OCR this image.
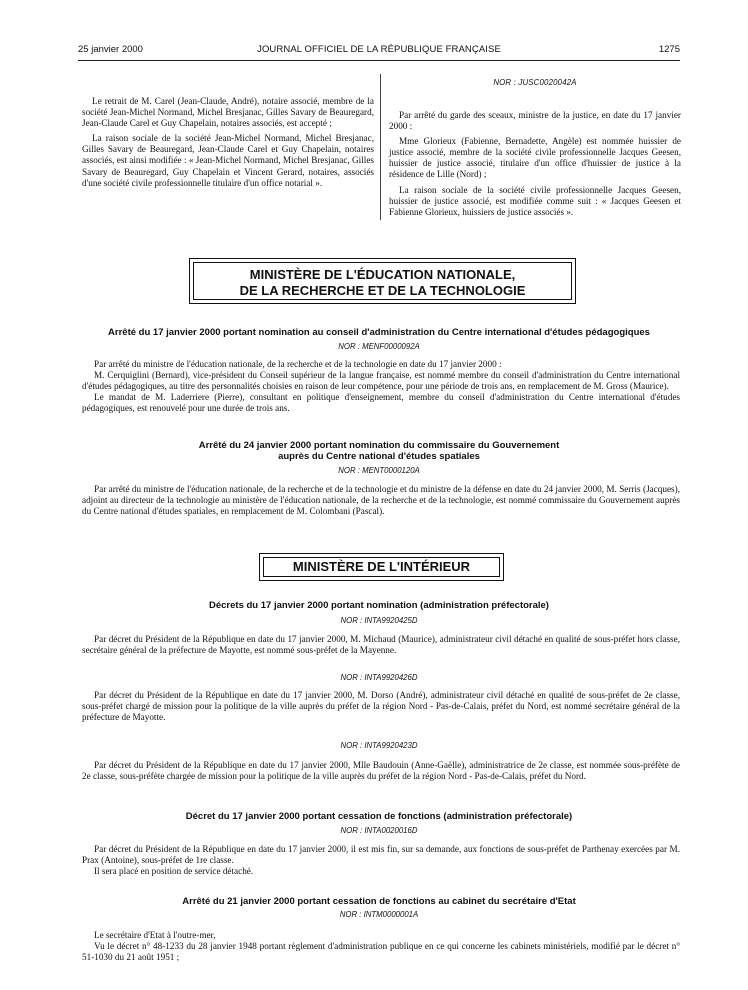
25 janvier 2000	JOURNAL OFFICIEL DE LA RÉPUBLIQUE FRANÇAISE	1275

Le retrait de M. Carel (Jean-Claude, André), notaire associé, membre de la société Jean-Michel Normand, Michel Bresjanac, Gilles Savary de Beauregard, Jean-Claude Carel et Guy Chapelain, notaires associés, est accepté ;

La raison sociale de la société Jean-Michel Normand, Michel Bresjanac, Gilles Savary de Beauregard, Jean-Claude Carel et Guy Chapelain, notaires associés, est ainsi modifiée : « Jean-Michel Normand, Michel Bresjanac, Gilles Savary de Beauregard, Guy Chapelain et Vincent Gerard, notaires, associés d'une société civile professionnelle titulaire d'un office notarial ».

NOR : JUSC0020042A

Par arrêté du garde des sceaux, ministre de la justice, en date du 17 janvier 2000 :

Mme Glorieux (Fabienne, Bernadette, Angèle) est nommée huissier de justice associé, membre de la société civile professionnelle Jacques Geesen, huissier de justice associé, titulaire d'un office d'huissier de justice à la résidence de Lille (Nord) ;

La raison sociale de la société civile professionnelle Jacques Geesen, huissier de justice associé, est modifiée comme suit : « Jacques Geesen et Fabienne Glorieux, huissiers de justice associés ».

MINISTÈRE DE L'ÉDUCATION NATIONALE,
DE LA RECHERCHE ET DE LA TECHNOLOGIE
Arrêté du 17 janvier 2000 portant nomination au conseil d'administration du Centre international d'études pédagogiques
NOR : MENF0000092A

Par arrêté du ministre de l'éducation nationale, de la recherche et de la technologie en date du 17 janvier 2000 :

M. Cerquiglini (Bernard), vice-président du Conseil supérieur de la langue française, est nommé membre du conseil d'administration du Centre international d'études pédagogiques, au titre des personnalités choisies en raison de leur compétence, pour une période de trois ans, en remplacement de M. Gross (Maurice).

Le mandat de M. Laderriere (Pierre), consultant en politique d'enseignement, membre du conseil d'administration du Centre international d'études pédagogiques, est renouvelé pour une durée de trois ans.

Arrêté du 24 janvier 2000 portant nomination du commissaire du Gouvernement
auprès du Centre national d'études spatiales
NOR : MENT0000120A

Par arrêté du ministre de l'éducation nationale, de la recherche et de la technologie et du ministre de la défense en date du 24 janvier 2000, M. Serris (Jacques), adjoint au directeur de la technologie au ministère de l'éducation nationale, de la recherche et de la technologie, est nommé commissaire du Gouvernement auprès du Centre national d'études spatiales, en remplacement de M. Colombani (Pascal).

MINISTÈRE DE L'INTÉRIEUR
Décrets du 17 janvier 2000 portant nomination (administration préfectorale)
NOR : INTA9920425D

Par décret du Président de la République en date du 17 janvier 2000, M. Michaud (Maurice), administrateur civil détaché en qualité de sous-préfet hors classe, secrétaire général de la préfecture de Mayotte, est nommé sous-préfet de la Mayenne.

NOR : INTA9920426D

Par décret du Président de la République en date du 17 janvier 2000, M. Dorso (André), administrateur civil détaché en qualité de sous-préfet de 2e classe, sous-préfet chargé de mission pour la politique de la ville auprès du préfet de la région Nord - Pas-de-Calais, préfet du Nord, est nommé secrétaire général de la préfecture de Mayotte.

NOR : INTA9920423D

Par décret du Président de la République en date du 17 janvier 2000, Mlle Baudouin (Anne-Gaëlle), administratrice de 2e classe, est nommée sous-préfète de 2e classe, sous-préfète chargée de mission pour la politique de la ville auprès du préfet de la région Nord - Pas-de-Calais, préfet du Nord.

Décret du 17 janvier 2000 portant cessation de fonctions (administration préfectorale)
NOR : INTA0020016D

Par décret du Président de la République en date du 17 janvier 2000, il est mis fin, sur sa demande, aux fonctions de sous-préfet de Parthenay exercées par M. Prax (Antoine), sous-préfet de 1re classe.

Il sera placé en position de service détaché.

Arrêté du 21 janvier 2000 portant cessation de fonctions au cabinet du secrétaire d'Etat
NOR : INTM0000001A

Le secrétaire d'Etat à l'outre-mer,

Vu le décret n° 48-1233 du 28 janvier 1948 portant règlement d'administration publique en ce qui concerne les cabinets ministériels, modifié par le décret n° 51-1030 du 21 août 1951 ;
